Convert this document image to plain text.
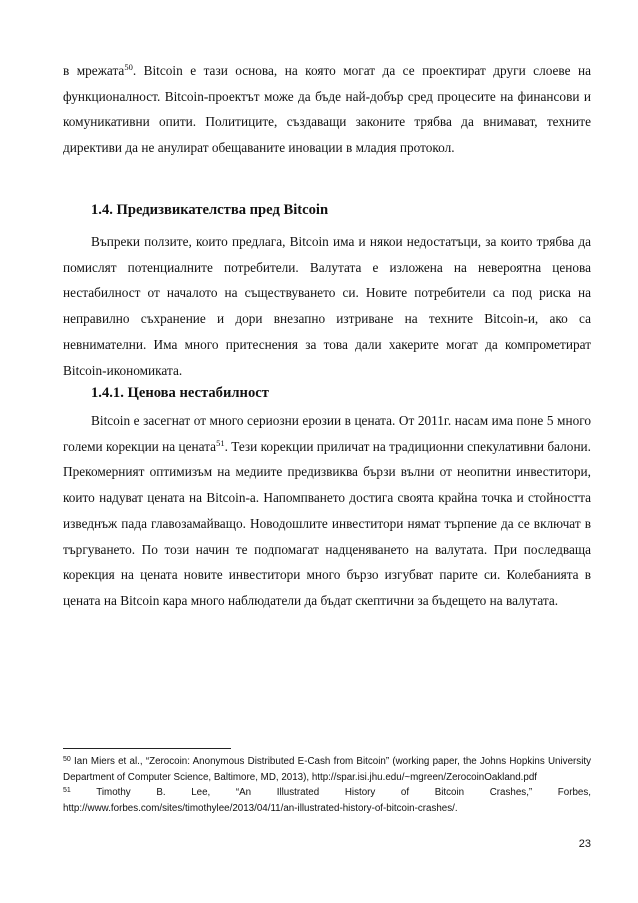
в мрежата$^{50}$. Bitcoin е тази основа, на която могат да се проектират други слоеве на функционалност. Bitcoin-проектът може да бъде най-добър сред процесите на финансови и комуникативни опити. Политиците, създаващи законите трябва да внимават, техните директиви да не анулират обещаваните иновации в младия протокол.

1.4. Предизвикателства пред Bitcoin

Въпреки ползите, които предлага, Bitcoin има и някои недостатъци, за които трябва да помислят потенциалните потребители. Валутата е изложена на невероятна ценова нестабилност от началото на съществуването си. Новите потребители са под риска на неправилно съхранение и дори внезапно изтриване на техните Bitcoin-и, ако са невнимателни. Има много притеснения за това дали хакерите могат да компрометират Bitcoin-икономиката.

1.4.1. Ценова нестабилност

Bitcoin е засегнат от много сериозни ерозии в цената. От 2011г. насам има поне 5 много големи корекции на цената$^{51}$. Тези корекции приличат на традиционни спекулативни балони. Прекомерният оптимизъм на медиите предизвиква бързи вълни от неопитни инвеститори, които надуват цената на Bitcoin-а. Напомпването достига своята крайна точка и стойността изведнъж пада главозамайващо. Новодошлите инвеститори нямат търпение да се включат в търгуването. По този начин те подпомагат надценяването на валутата. При последваща корекция на цената новите инвеститори много бързо изгубват парите си. Колебанията в цената на Bitcoin кара много наблюдатели да бъдат скептични за бъдещето на валутата.

$^{50}$ Ian Miers et al., “Zerocoin: Anonymous Distributed E-Cash from Bitcoin” (working paper, the Johns Hopkins University Department of Computer Science, Baltimore, MD, 2013), http://spar.isi.jhu.edu/~mgreen/ZerocoinOakland.pdf
$^{51}$	Timothy B. Lee, “An Illustrated History of Bitcoin Crashes,” Forbes, http://www.forbes.com/sites/timothylee/2013/04/11/an-illustrated-history-of-bitcoin-crashes/.
23
